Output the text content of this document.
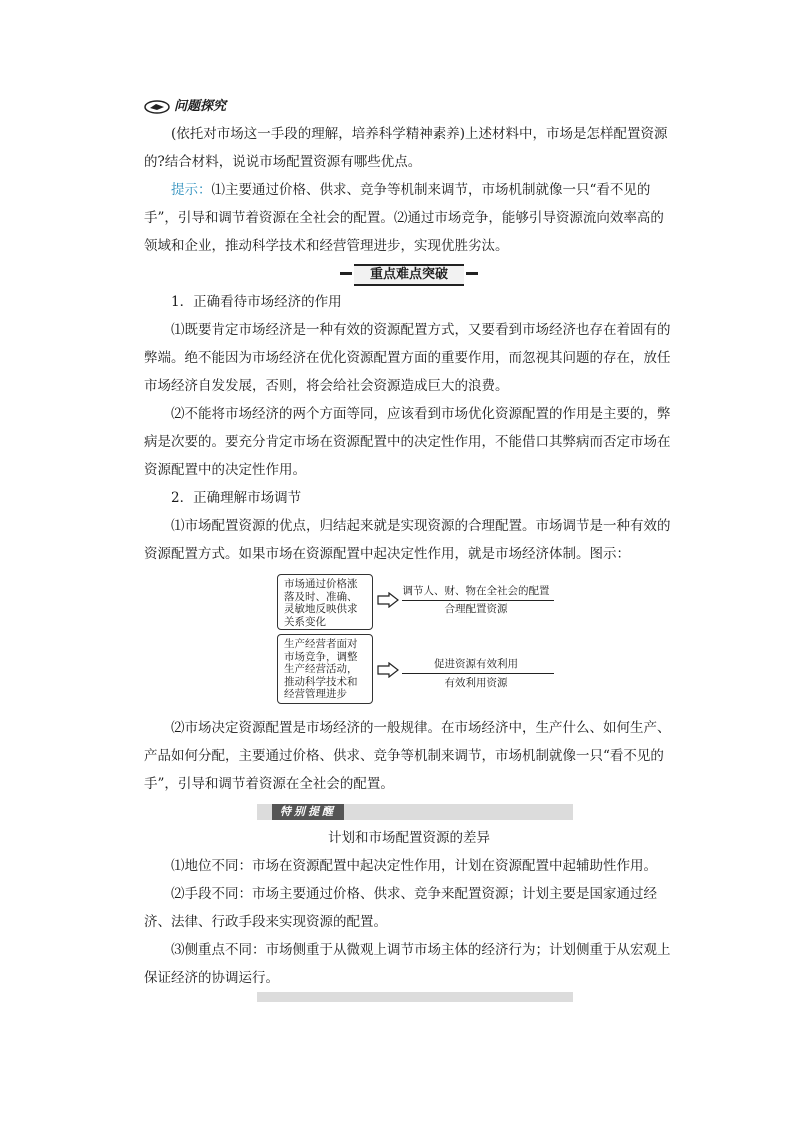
问题探究

(依托对市场这一手段的理解，培养科学精神素养)上述材料中，市场是怎样配置资源的?结合材料，说说市场配置资源有哪些优点。

提示：⑴主要通过价格、供求、竞争等机制来调节，市场机制就像一只“看不见的手”，引导和调节着资源在全社会的配置。⑵通过市场竞争，能够引导资源流向效率高的领域和企业，推动科学技术和经营管理进步，实现优胜劣汰。

重点难点突破

1．正确看待市场经济的作用

⑴既要肯定市场经济是一种有效的资源配置方式，又要看到市场经济也存在着固有的弊端。绝不能因为市场经济在优化资源配置方面的重要作用，而忽视其问题的存在，放任市场经济自发发展，否则，将会给社会资源造成巨大的浪费。

⑵不能将市场经济的两个方面等同，应该看到市场优化资源配置的作用是主要的，弊病是次要的。要充分肯定市场在资源配置中的决定性作用，不能借口其弊病而否定市场在资源配置中的决定性作用。

2．正确理解市场调节

⑴市场配置资源的优点，归结起来就是实现资源的合理配置。市场调节是一种有效的资源配置方式。如果市场在资源配置中起决定性作用，就是市场经济体制。图示：

市场通过价格涨落及时、准确、灵敏地反映供求关系变化
调节人、财、物在全社会的配置
合理配置资源
生产经营者面对市场竞争，调整生产经营活动，推动科学技术和经营管理进步
促进资源有效利用
有效利用资源

⑵市场决定资源配置是市场经济的一般规律。在市场经济中，生产什么、如何生产、产品如何分配，主要通过价格、供求、竞争等机制来调节，市场机制就像一只“看不见的手”，引导和调节着资源在全社会的配置。

特别提醒

计划和市场配置资源的差异

⑴地位不同：市场在资源配置中起决定性作用，计划在资源配置中起辅助性作用。

⑵手段不同：市场主要通过价格、供求、竞争来配置资源；计划主要是国家通过经济、法律、行政手段来实现资源的配置。

⑶侧重点不同：市场侧重于从微观上调节市场主体的经济行为；计划侧重于从宏观上保证经济的协调运行。
